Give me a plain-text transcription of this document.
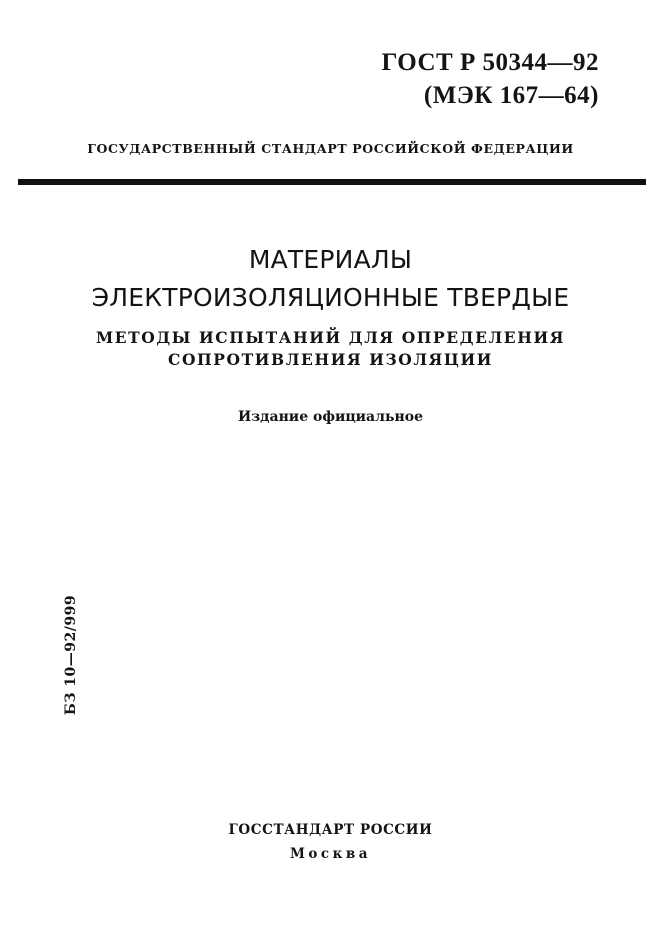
ГОСТ Р 50344—92
(МЭК 167—64)
ГОСУДАРСТВЕННЫЙ СТАНДАРТ РОССИЙСКОЙ ФЕДЕРАЦИИ
МАТЕРИАЛЫ
ЭЛЕКТРОИЗОЛЯЦИОННЫЕ ТВЕРДЫЕ
МЕТОДЫ ИСПЫТАНИЙ ДЛЯ ОПРЕДЕЛЕНИЯ
СОПРОТИВЛЕНИЯ ИЗОЛЯЦИИ
Издание официальное
БЗ 10—92/999
ГОССТАНДАРТ РОССИИ
Москва
